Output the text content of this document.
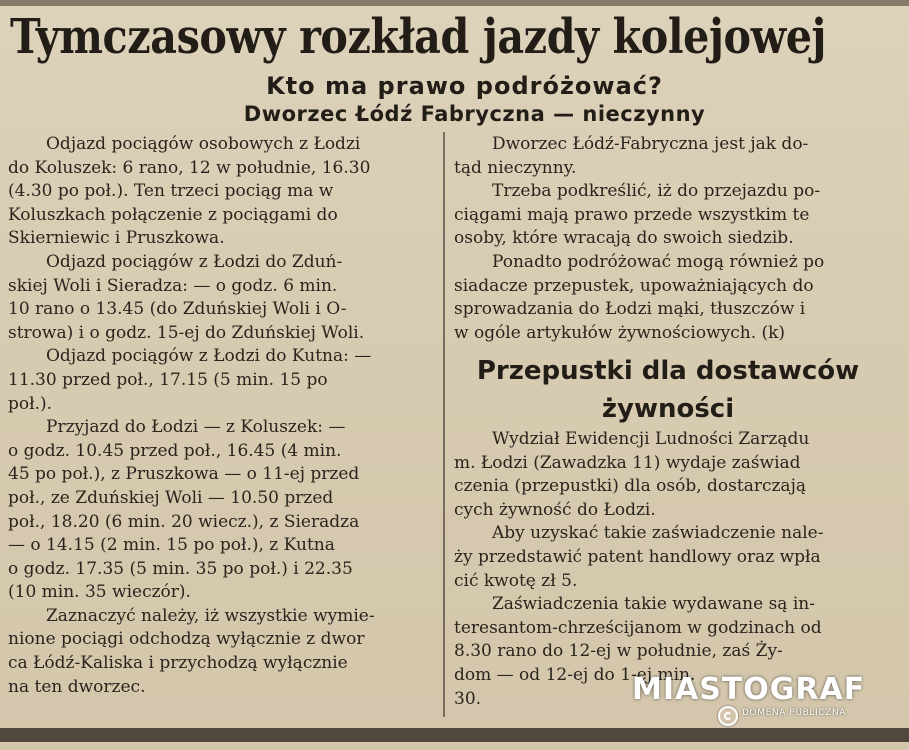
Tymczasowy rozkład jazdy kolejowej
Kto ma prawo podróżować?
Dworzec Łódź Fabryczna — nieczynny
Odjazd pociągów osobowych z Łodzi
do Koluszek: 6 rano, 12 w południe, 16.30
(4.30 po poł.). Ten trzeci pociąg ma w
Koluszkach połączenie z pociągami do
Skierniewic i Pruszkowa.
Odjazd pociągów z Łodzi do Zduń-
skiej Woli i Sieradza: — o godz. 6 min.
10 rano o 13.45 (do Zduńskiej Woli i O-
strowa) i o godz. 15-ej do Zduńskiej Woli.
Odjazd pociągów z Łodzi do Kutna: —
11.30 przed poł., 17.15 (5 min. 15 po
poł.).
Przyjazd do Łodzi — z Koluszek: —
o godz. 10.45 przed poł., 16.45 (4 min.
45 po poł.), z Pruszkowa — o 11-ej przed
poł., ze Zduńskiej Woli — 10.50 przed
poł., 18.20 (6 min. 20 wiecz.), z Sieradza
— o 14.15 (2 min. 15 po poł.), z Kutna
o godz. 17.35 (5 min. 35 po poł.) i 22.35
(10 min. 35 wieczór).
Zaznaczyć należy, iż wszystkie wymie-
nione pociągi odchodzą wyłącznie z dwor
ca Łódź-Kaliska i przychodzą wyłącznie
na ten dworzec.
Dworzec Łódź-Fabryczna jest jak do-
tąd nieczynny.
Trzeba podkreślić, iż do przejazdu po-
ciągami mają prawo przede wszystkim te
osoby, które wracają do swoich siedzib.
Ponadto podróżować mogą również po
siadacze przepustek, upoważniających do
sprowadzania do Łodzi mąki, tłuszczów i
w ogóle artykułów żywnościowych. (k)
Przepustki dla dostawców
żywności
Wydział Ewidencji Ludności Zarządu
m. Łodzi (Zawadzka 11) wydaje zaświad
czenia (przepustki) dla osób, dostarczają
cych żywność do Łodzi.
Aby uzyskać takie zaświadczenie nale-
ży przedstawić patent handlowy oraz wpła
cić kwotę zł 5.
Zaświadczenia takie wydawane są in-
teresantom-chrześcijanom w godzinach od
8.30 rano do 12-ej w południe, zaś Ży-
dom — od 12-ej do 1-ej min.
30.	MIASTOGRAF
DOMENA PUBLICZNA
